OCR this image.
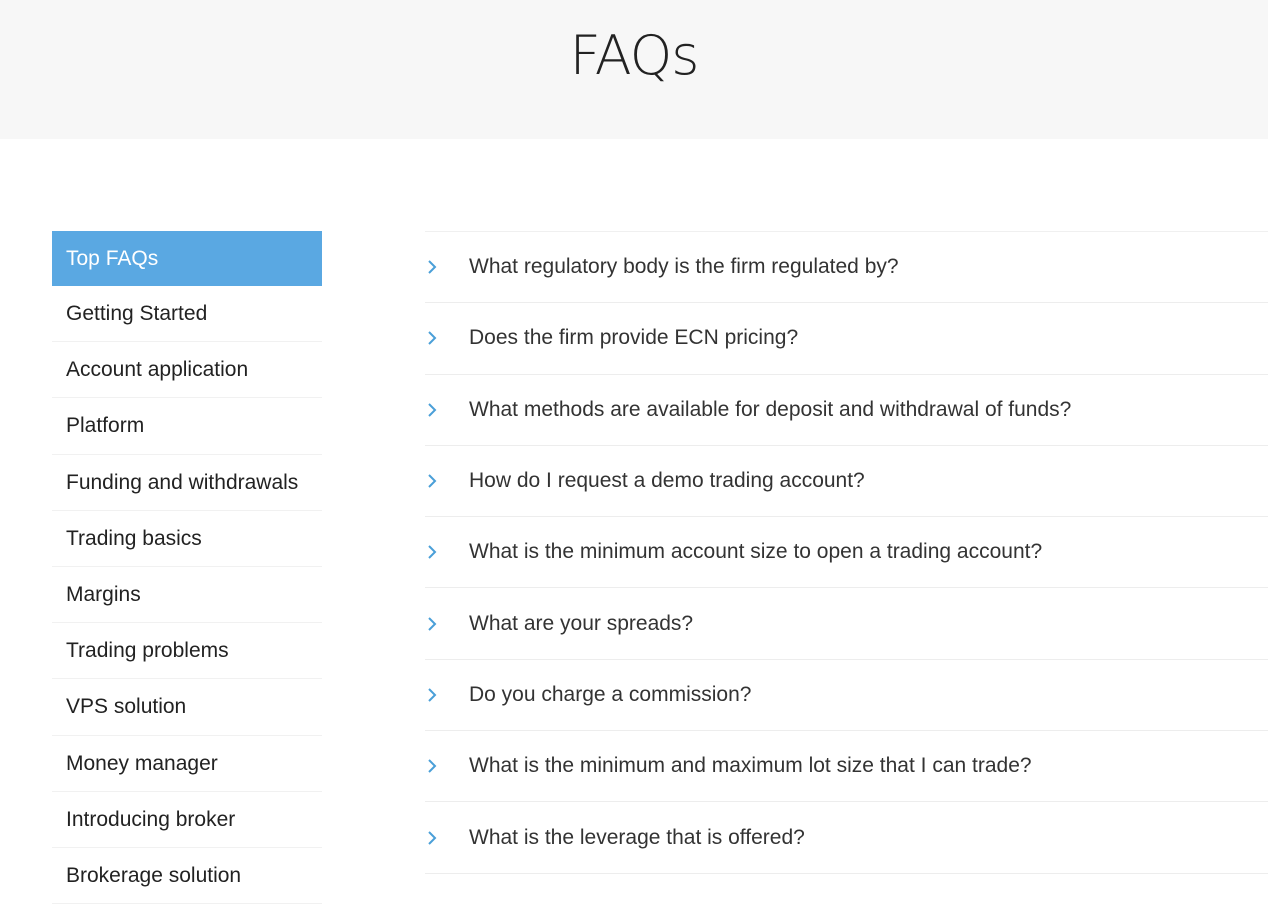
FAQs
Top FAQs
Getting Started
Account application
Platform
Funding and withdrawals
Trading basics
Margins
Trading problems
VPS solution
Money manager
Introducing broker
Brokerage solution
What regulatory body is the firm regulated by?
Does the firm provide ECN pricing?
What methods are available for deposit and withdrawal of funds?
How do I request a demo trading account?
What is the minimum account size to open a trading account?
What are your spreads?
Do you charge a commission?
What is the minimum and maximum lot size that I can trade?
What is the leverage that is offered?
